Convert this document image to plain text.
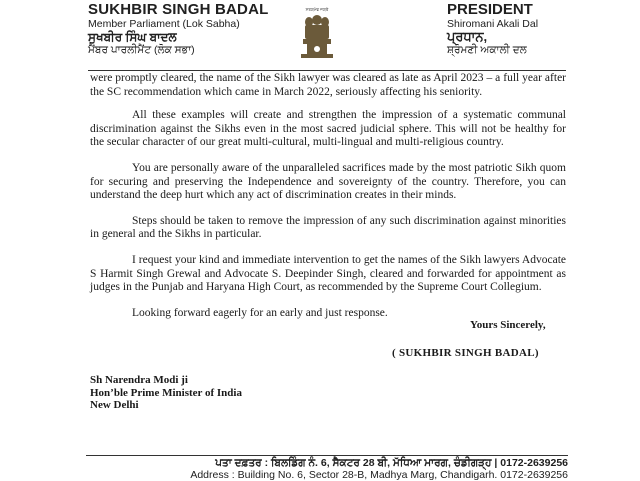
SUKHBIR SINGH BADAL
Member Parliament (Lok Sabha)
ਸੁਖਬੀਰ ਸਿੰਘ ਬਾਦਲ
ਮੈਂਬਰ ਪਾਰਲੀਮੈਂਟ (ਲੋਕ ਸਭਾ)
ਸਤਯਮੇਵ ਜਯਤੇ	PRESIDENT
Shiromani Akali Dal
ਪ੍ਰਧਾਨ,
ਸ਼੍ਰੋਮਣੀ ਅਕਾਲੀ ਦਲ

were promptly cleared, the name of the Sikh lawyer was cleared as late as April 2023 – a full year after the SC recommendation which came in March 2022, seriously affecting his seniority.

All these examples will create and strengthen the impression of a systematic communal discrimination against the Sikhs even in the most sacred judicial sphere. This will not be healthy for the secular character of our great multi-cultural, multi-lingual and multi-religious country.

You are personally aware of the unparalleled sacrifices made by the most patriotic Sikh quom for securing and preserving the Independence and sovereignty of the country. Therefore, you can understand the deep hurt which any act of discrimination creates in their minds.

Steps should be taken to remove the impression of any such discrimination against minorities in general and the Sikhs in particular.

I request your kind and immediate intervention to get the names of the Sikh lawyers Advocate S Harmit Singh Grewal and Advocate S. Deepinder Singh, cleared and forwarded for appointment as judges in the Punjab and Haryana High Court, as recommended by the Supreme Court Collegium.

Looking forward eagerly for an early and just response.

Yours Sincerely,
( SUKHBIR SINGH BADAL)
Sh Narendra Modi ji
Hon’ble Prime Minister of India
New Delhi
ਪਤਾ ਦਫ਼ਤਰ : ਬਿਲਡਿੰਗ ਨੰ. 6, ਸੈਕਟਰ 28 ਬੀ, ਮੱਧਿਆ ਮਾਰਗ, ਚੰਡੀਗੜ੍ਹ | 0172-2639256
Address : Building No. 6, Sector 28-B, Madhya Marg, Chandigarh. 0172-2639256
